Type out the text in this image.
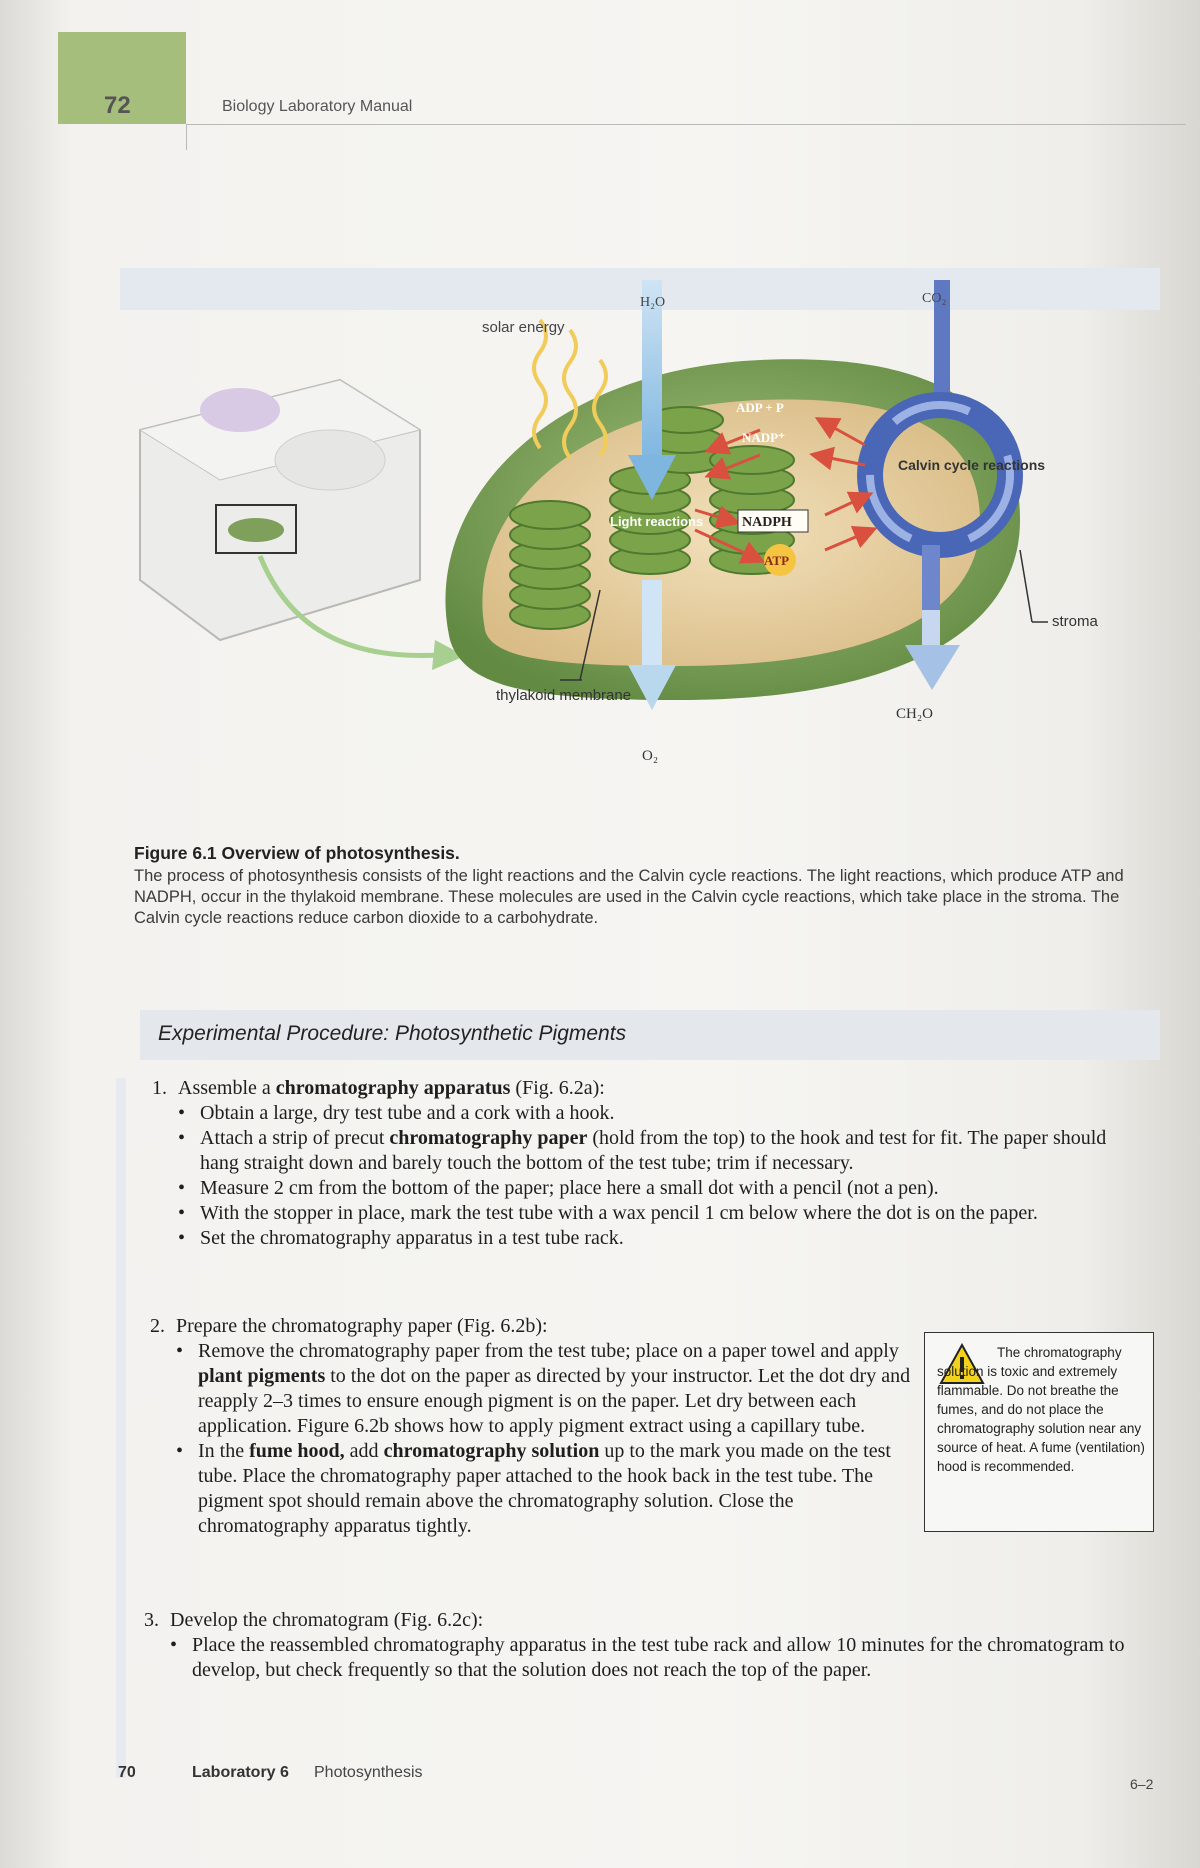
72	Biology Laboratory Manual
solar energy
H₂O	CO₂
ADP + P
NADP⁺
Light reactions	NADPH
ATP
Calvin cycle reactions
thylakoid membrane
stroma
O₂
CH₂O
Figure 6.1 Overview of photosynthesis.
The process of photosynthesis consists of the light reactions and the Calvin cycle reactions. The light reactions, which produce ATP and NADPH, occur in the thylakoid membrane. These molecules are used in the Calvin cycle reactions, which take place in the stroma. The Calvin cycle reactions reduce carbon dioxide to a carbohydrate.
Experimental Procedure: Photosynthetic Pigments
1. Assemble a chromatography apparatus (Fig. 6.2a):
• Obtain a large, dry test tube and a cork with a hook.
• Attach a strip of precut chromatography paper (hold from the top) to the hook and test for fit. The paper should hang straight down and barely touch the bottom of the test tube; trim if necessary.
• Measure 2 cm from the bottom of the paper; place here a small dot with a pencil (not a pen).
• With the stopper in place, mark the test tube with a wax pencil 1 cm below where the dot is on the paper.
• Set the chromatography apparatus in a test tube rack.
2. Prepare the chromatography paper (Fig. 6.2b):
• Remove the chromatography paper from the test tube; place on a paper towel and apply plant pigments to the dot on the paper as directed by your instructor. Let the dot dry and reapply 2–3 times to ensure enough pigment is on the paper. Let dry between each application. Figure 6.2b shows how to apply pigment extract using a capillary tube.
• In the fume hood, add chromatography solution up to the mark you made on the test tube. Place the chromatography paper attached to the hook back in the test tube. The pigment spot should remain above the chromatography solution. Close the chromatography apparatus tightly.
The chromatography solution is toxic and extremely flammable. Do not breathe the fumes, and do not place the chromatography solution near any source of heat. A fume (ventilation) hood is recommended.
3. Develop the chromatogram (Fig. 6.2c):
• Place the reassembled chromatography apparatus in the test tube rack and allow 10 minutes for the chromatogram to develop, but check frequently so that the solution does not reach the top of the paper.
70	Laboratory 6 Photosynthesis
6–2
